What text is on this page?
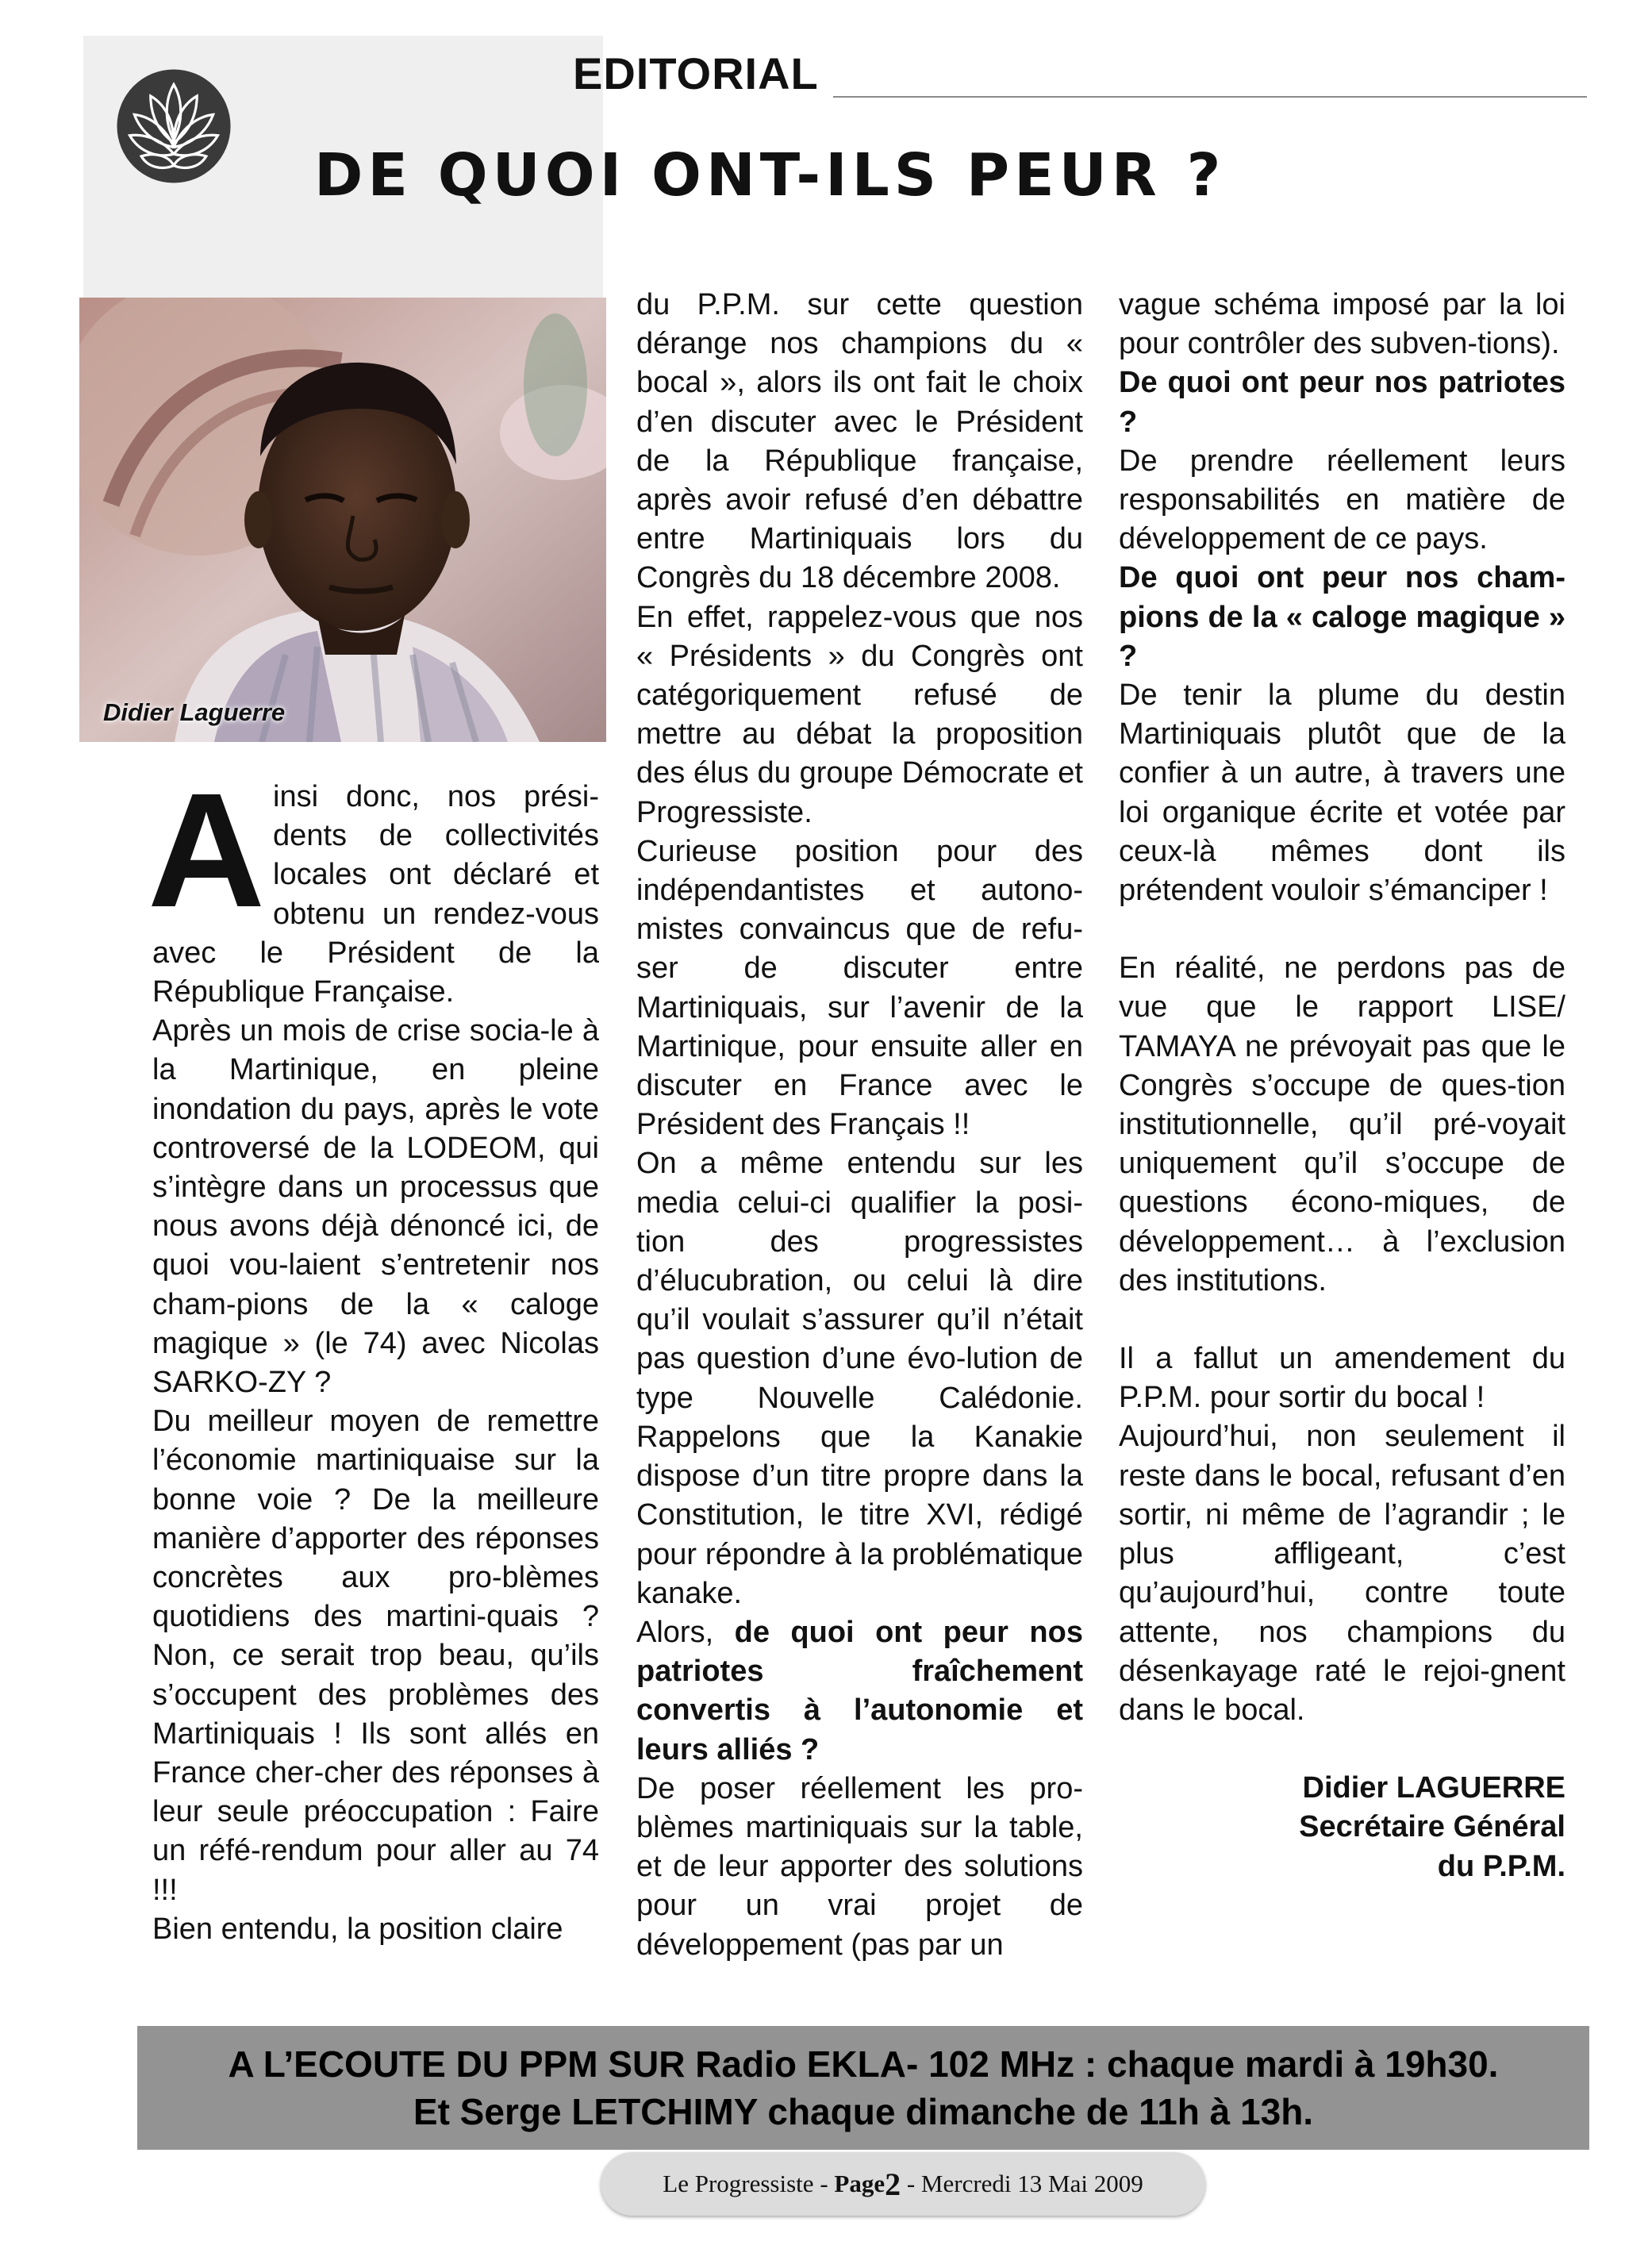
EDITORIAL
DE QUOI ONT-ILS PEUR ?
Didier Laguerre
A insi donc, nos prési-dents de collectivités locales ont déclaré et obtenu un rendez-vous avec le Président de la République Française.

Après un mois de crise socia-le à la Martinique, en pleine inondation du pays, après le vote controversé de la LODEOM, qui s’intègre dans un processus que nous avons déjà dénoncé ici, de quoi vou-laient s’entretenir nos cham-pions de la « caloge magique » (le 74) avec Nicolas SARKO-ZY ?

Du meilleur moyen de remettre l’économie martiniquaise sur la bonne voie ? De la meilleure manière d’apporter des réponses concrètes aux pro-blèmes quotidiens des martini-quais ? Non, ce serait trop beau, qu’ils s’occupent des problèmes des Martiniquais ! Ils sont allés en France cher-cher des réponses à leur seule préoccupation : Faire un réfé-rendum pour aller au 74 !!!

Bien entendu, la position claire

du P.P.M. sur cette question dérange nos champions du « bocal », alors ils ont fait le choix d’en discuter avec le Président de la République française, après avoir refusé d’en débattre entre Martiniquais lors du Congrès du 18 décembre 2008.

En effet, rappelez-vous que nos « Présidents » du Congrès ont catégoriquement refusé de mettre au débat la proposition des élus du groupe Démocrate et Progressiste.

Curieuse position pour des indépendantistes et autono-mistes convaincus que de refu-ser de discuter entre Martiniquais, sur l’avenir de la Martinique, pour ensuite aller en discuter en France avec le Président des Français !!

On a même entendu sur les media celui-ci qualifier la posi-tion des progressistes d’élucubration, ou celui là dire qu’il voulait s’assurer qu’il n’était pas question d’une évo-lution de type Nouvelle Calédonie. Rappelons que la Kanakie dispose d’un titre propre dans la Constitution, le titre XVI, rédigé pour répondre à la problématique kanake.

Alors, de quoi ont peur nos patriotes fraîchement convertis à l’autonomie et leurs alliés ?

De poser réellement les pro-blèmes martiniquais sur la table, et de leur apporter des solutions pour un vrai projet de développement (pas par un

vague schéma imposé par la loi pour contrôler des subven-tions).

De quoi ont peur nos patriotes ?

De prendre réellement leurs responsabilités en matière de développement de ce pays.

De quoi ont peur nos cham-pions de la « caloge magique » ?

De tenir la plume du destin Martiniquais plutôt que de la confier à un autre, à travers une loi organique écrite et votée par ceux-là mêmes dont ils prétendent vouloir s’émanciper !

En réalité, ne perdons pas de vue que le rapport LISE/ TAMAYA ne prévoyait pas que le Congrès s’occupe de ques-tion institutionnelle, qu’il pré-voyait uniquement qu’il s’occupe de questions écono-miques, de développement… à l’exclusion des institutions.

Il a fallut un amendement du P.P.M. pour sortir du bocal !

Aujourd’hui, non seulement il reste dans le bocal, refusant d’en sortir, ni même de l’agrandir ; le plus affligeant, c’est qu’aujourd’hui, contre toute attente, nos champions du désenkayage raté le rejoi-gnent dans le bocal.

Didier LAGUERRE
Secrétaire Général
du P.P.M.
A L’ECOUTE DU PPM SUR Radio EKLA- 102 MHz : chaque mardi à 19h30.
Et Serge LETCHIMY chaque dimanche de 11h à 13h.
Le Progressiste - Page 2 - Mercredi 13 Mai 2009
